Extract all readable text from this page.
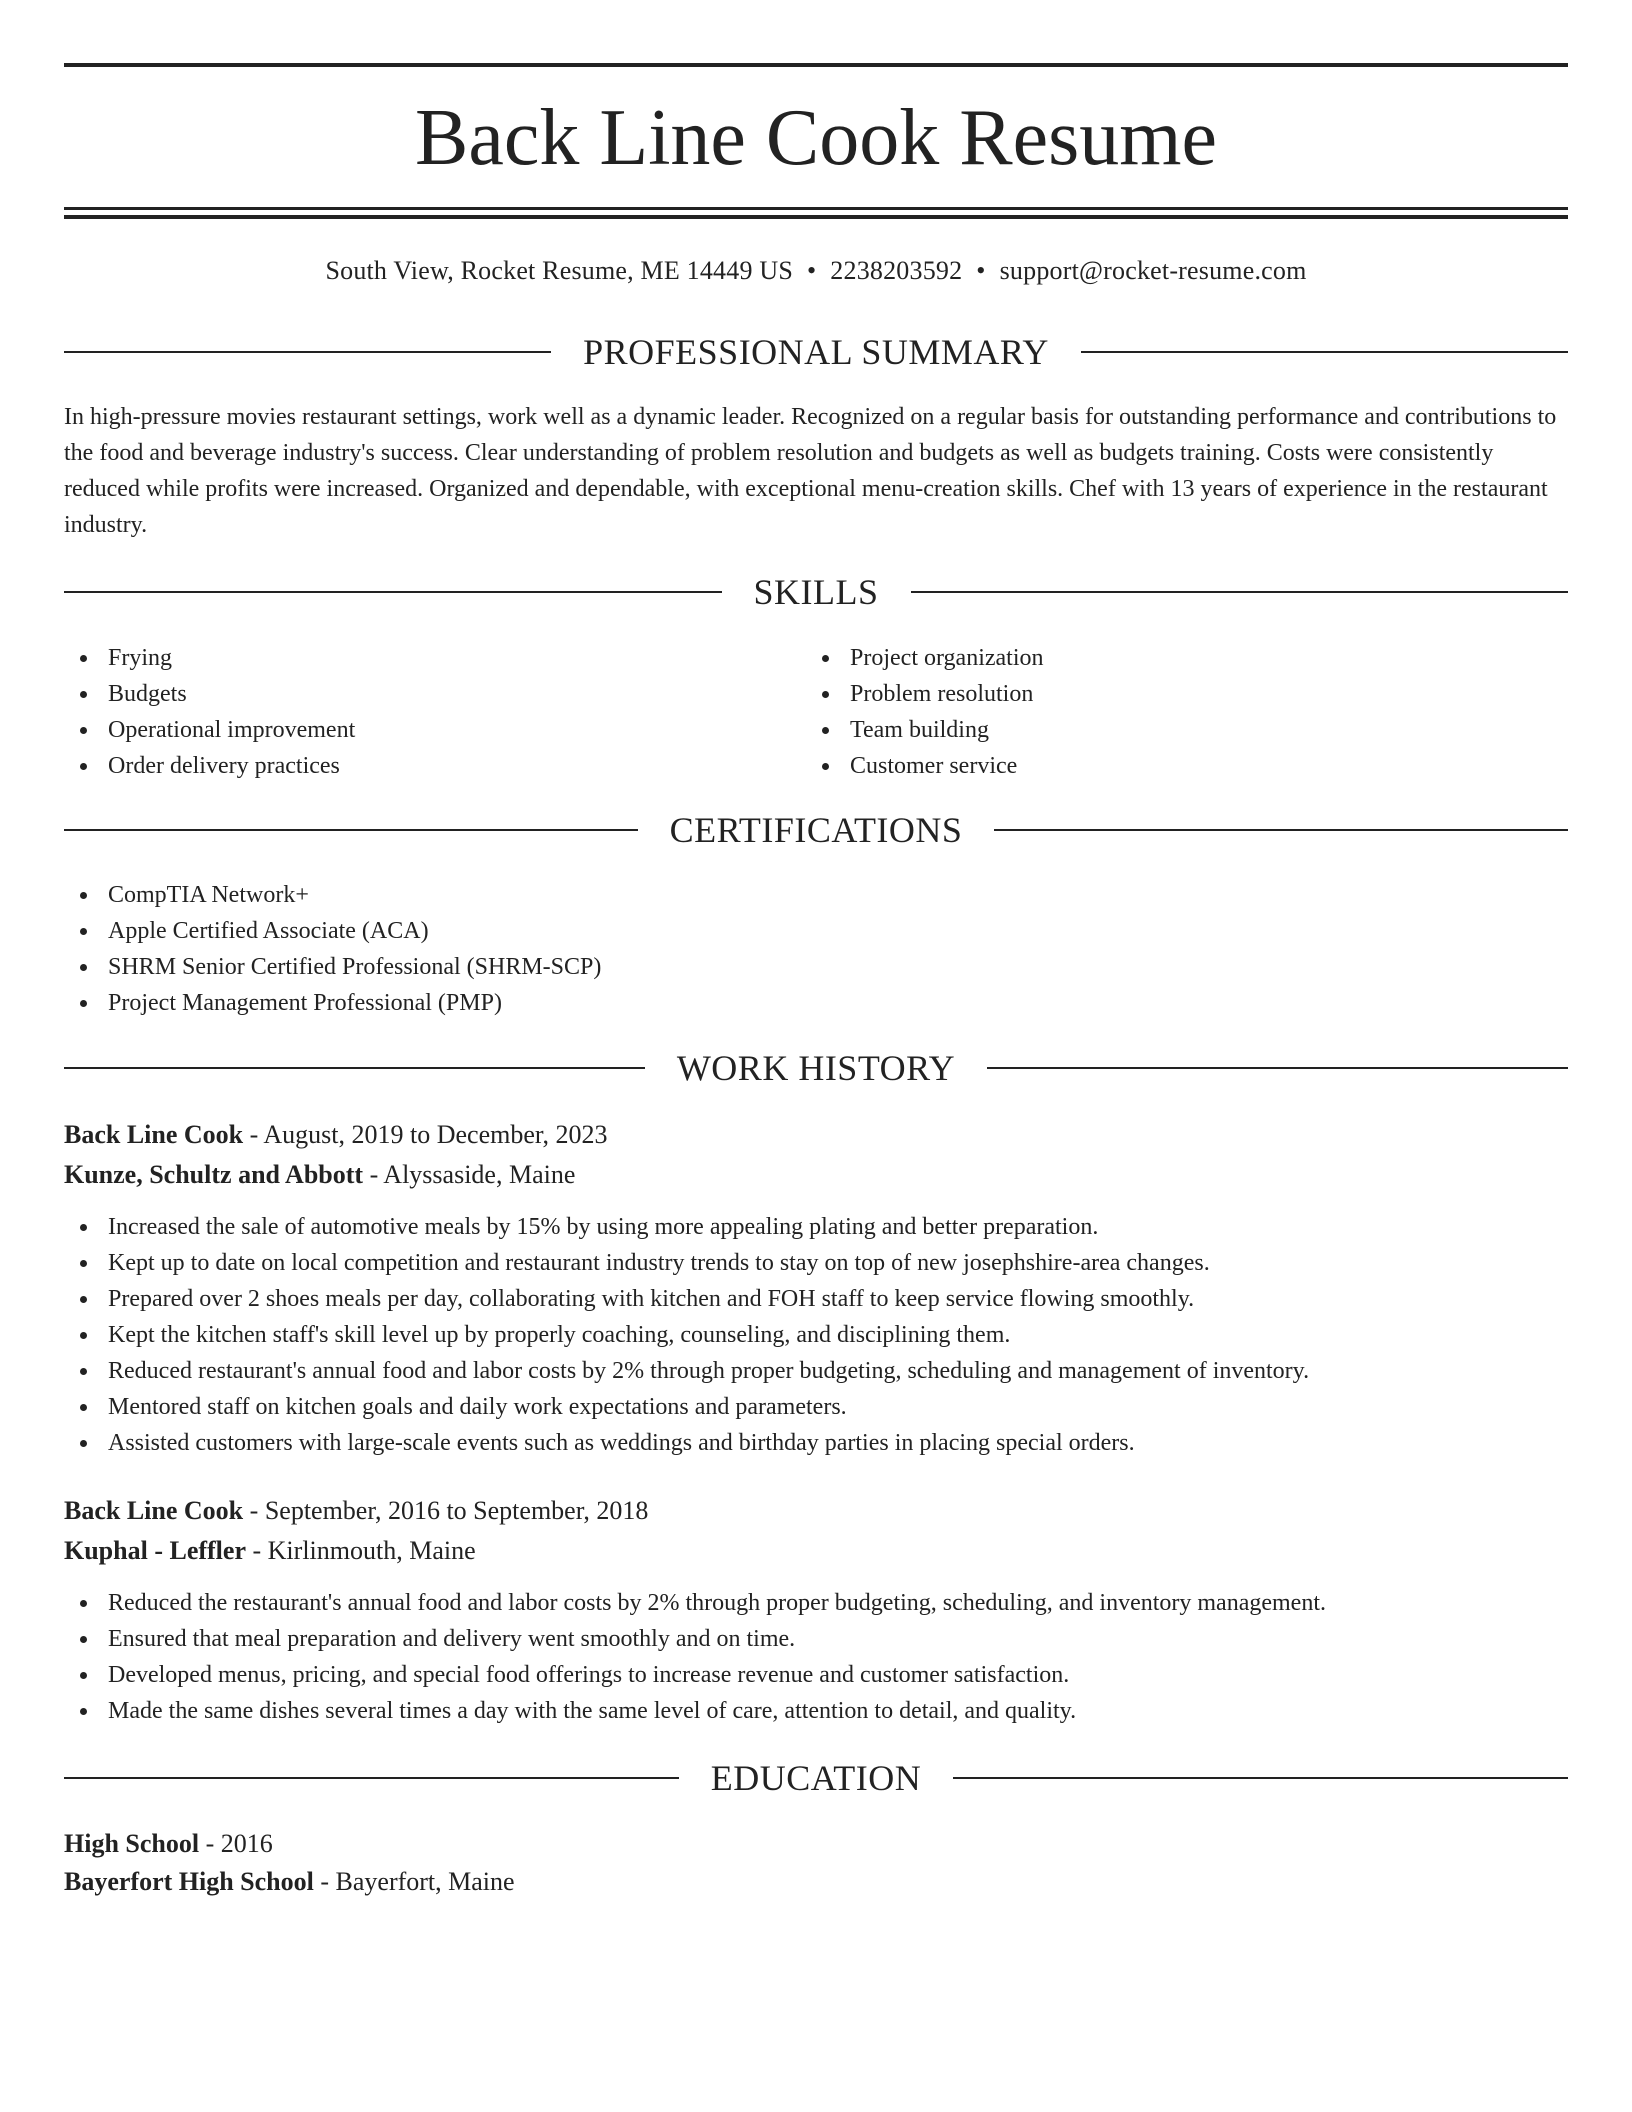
Back Line Cook Resume
South View, Rocket Resume, ME 14449 US • 2238203592 • support@rocket-resume.com
PROFESSIONAL SUMMARY

In high-pressure movies restaurant settings, work well as a dynamic leader. Recognized on a regular basis for outstanding performance and contributions to the food and beverage industry's success. Clear understanding of problem resolution and budgets as well as budgets training. Costs were consistently reduced while profits were increased. Organized and dependable, with exceptional menu-creation skills. Chef with 13 years of experience in the restaurant industry.

SKILLS
Frying
Budgets
Operational improvement
Order delivery practices
Project organization
Problem resolution
Team building
Customer service
CERTIFICATIONS
CompTIA Network+
Apple Certified Associate (ACA)
SHRM Senior Certified Professional (SHRM-SCP)
Project Management Professional (PMP)
WORK HISTORY
Back Line Cook - August, 2019 to December, 2023
Kunze, Schultz and Abbott - Alyssaside, Maine
Increased the sale of automotive meals by 15% by using more appealing plating and better preparation.
Kept up to date on local competition and restaurant industry trends to stay on top of new josephshire-area changes.
Prepared over 2 shoes meals per day, collaborating with kitchen and FOH staff to keep service flowing smoothly.
Kept the kitchen staff's skill level up by properly coaching, counseling, and disciplining them.
Reduced restaurant's annual food and labor costs by 2% through proper budgeting, scheduling and management of inventory.
Mentored staff on kitchen goals and daily work expectations and parameters.
Assisted customers with large-scale events such as weddings and birthday parties in placing special orders.
Back Line Cook - September, 2016 to September, 2018
Kuphal - Leffler - Kirlinmouth, Maine
Reduced the restaurant's annual food and labor costs by 2% through proper budgeting, scheduling, and inventory management.
Ensured that meal preparation and delivery went smoothly and on time.
Developed menus, pricing, and special food offerings to increase revenue and customer satisfaction.
Made the same dishes several times a day with the same level of care, attention to detail, and quality.
EDUCATION
High School - 2016
Bayerfort High School - Bayerfort, Maine
